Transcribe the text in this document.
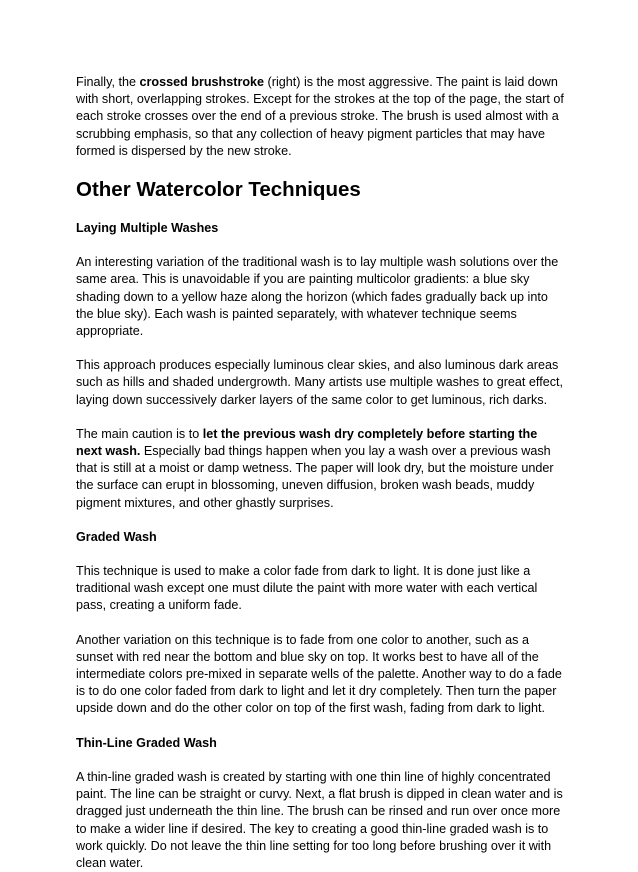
Finally, the crossed brushstroke (right) is the most aggressive. The paint is laid down with short, overlapping strokes. Except for the strokes at the top of the page, the start of each stroke crosses over the end of a previous stroke. The brush is used almost with a scrubbing emphasis, so that any collection of heavy pigment particles that may have formed is dispersed by the new stroke.

Other Watercolor Techniques
Laying Multiple Washes

An interesting variation of the traditional wash is to lay multiple wash solutions over the same area. This is unavoidable if you are painting multicolor gradients: a blue sky shading down to a yellow haze along the horizon (which fades gradually back up into the blue sky). Each wash is painted separately, with whatever technique seems appropriate.

This approach produces especially luminous clear skies, and also luminous dark areas such as hills and shaded undergrowth. Many artists use multiple washes to great effect, laying down successively darker layers of the same color to get luminous, rich darks.

The main caution is to let the previous wash dry completely before starting the next wash. Especially bad things happen when you lay a wash over a previous wash that is still at a moist or damp wetness. The paper will look dry, but the moisture under the surface can erupt in blossoming, uneven diffusion, broken wash beads, muddy pigment mixtures, and other ghastly surprises.

Graded Wash

This technique is used to make a color fade from dark to light. It is done just like a traditional wash except one must dilute the paint with more water with each vertical pass, creating a uniform fade.

Another variation on this technique is to fade from one color to another, such as a sunset with red near the bottom and blue sky on top. It works best to have all of the intermediate colors pre-mixed in separate wells of the palette. Another way to do a fade is to do one color faded from dark to light and let it dry completely. Then turn the paper upside down and do the other color on top of the first wash, fading from dark to light.

Thin-Line Graded Wash

A thin-line graded wash is created by starting with one thin line of highly concentrated paint. The line can be straight or curvy. Next, a flat brush is dipped in clean water and is dragged just underneath the thin line. The brush can be rinsed and run over once more to make a wider line if desired. The key to creating a good thin-line graded wash is to work quickly. Do not leave the thin line setting for too long before brushing over it with clean water.
